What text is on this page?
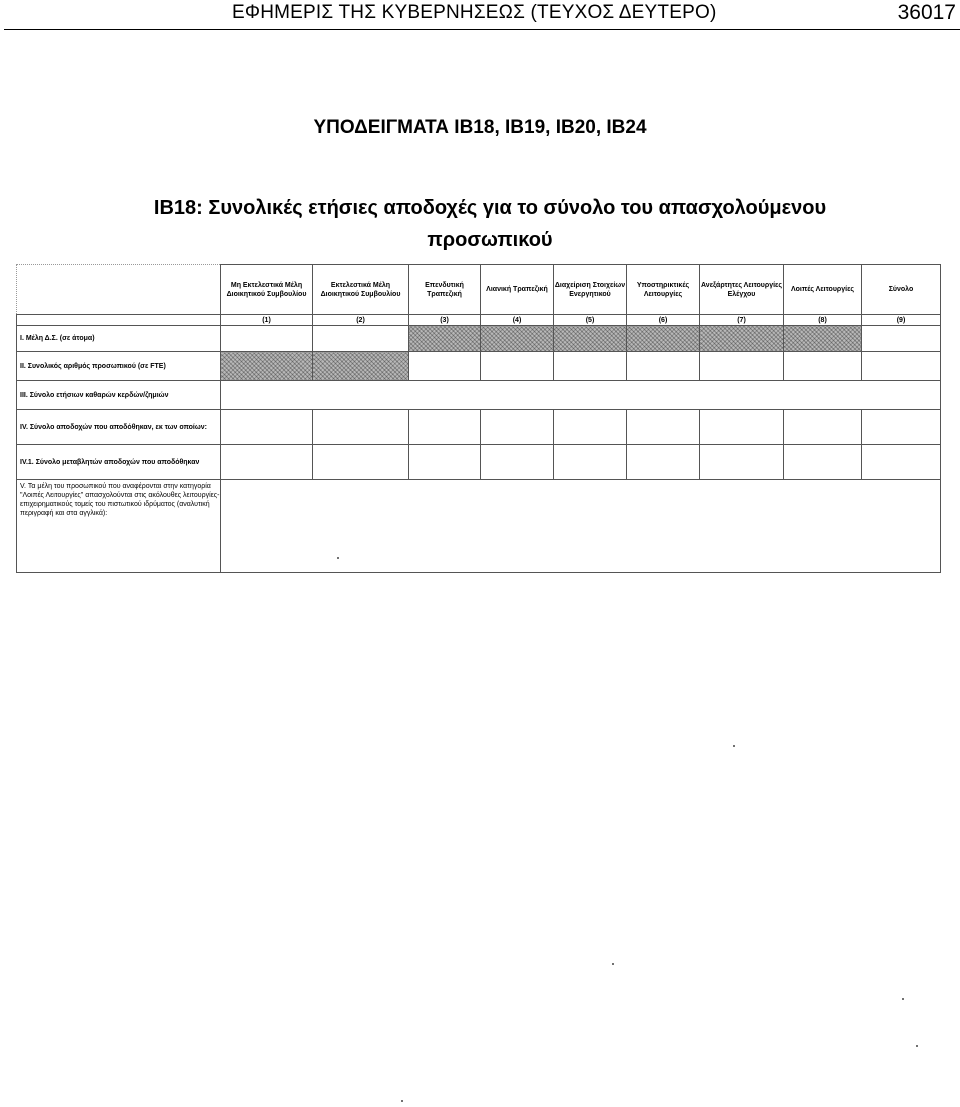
ΕΦΗΜΕΡΙΣ ΤΗΣ ΚΥΒΕΡΝΗΣΕΩΣ (ΤΕΥΧΟΣ ΔΕΥΤΕΡΟ)	36017
ΥΠΟΔΕΙΓΜΑΤΑ ΙΒ18, ΙΒ19, ΙΒ20, ΙΒ24
ΙΒ18: Συνολικές ετήσιες αποδοχές για το σύνολο του απασχολούμενου προσωπικού
	Μη Εκτελεστικά Μέλη Διοικητικού Συμβουλίου	Εκτελεστικά Μέλη Διοικητικού Συμβουλίου	Επενδυτική Τραπεζική	Λιανική Τραπεζική	Διαχείριση Στοιχείων Ενεργητικού	Υποστηρικτικές Λειτουργίες	Ανεξάρτητες Λειτουργίες Ελέγχου	Λοιπές Λειτουργίες	Σύνολο
	(1)	(2)	(3)	(4)	(5)	(6)	(7)	(8)	(9)
I. Μέλη Δ.Σ. (σε άτομα)									
II. Συνολικός αριθμός προσωπικού (σε FTE)									
III. Σύνολο ετήσιων καθαρών κερδών/ζημιών									
IV. Σύνολο αποδοχών που αποδόθηκαν, εκ των οποίων:									
IV.1. Σύνολο μεταβλητών αποδοχών που αποδόθηκαν									
V. Τα μέλη του προσωπικού που αναφέρονται στην κατηγορία "Λοιπές Λειτουργίες" απασχολούνται στις ακόλουθες λειτουργίες- επιχειρηματικούς τομείς του πιστωτικού ιδρύματος (αναλυτική περιγραφή και στα αγγλικά):									
